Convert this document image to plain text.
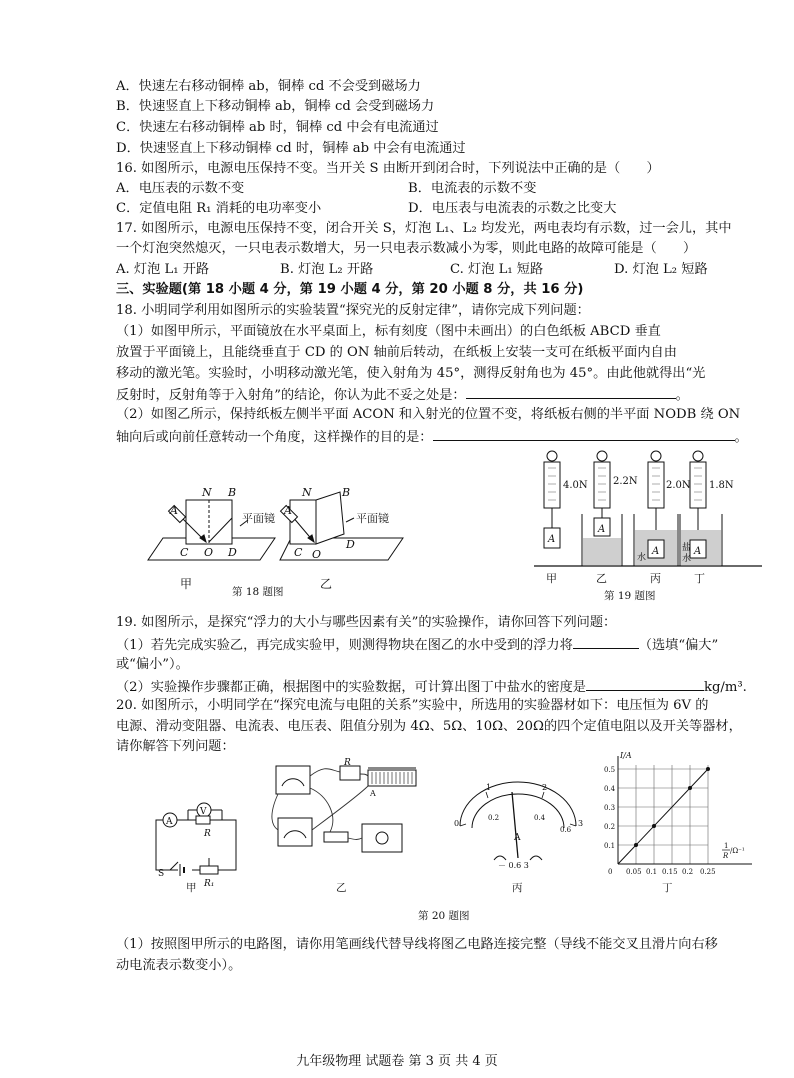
A．快速左右移动铜棒 ab，铜棒 cd 不会受到磁场力
B．快速竖直上下移动铜棒 ab，铜棒 cd 会受到磁场力
C．快速左右移动铜棒 ab 时，铜棒 cd 中会有电流通过
D．快速竖直上下移动铜棒 cd 时，铜棒 ab 中会有电流通过
16. 如图所示，电源电压保持不变。当开关 S 由断开到闭合时，下列说法中正确的是（　　）
A．电压表的示数不变	B．电流表的示数不变
C．定值电阻 R₁ 消耗的电功率变小	D．电压表与电流表的示数之比变大
17. 如图所示，电源电压保持不变，闭合开关 S，灯泡 L₁、L₂ 均发光，两电表均有示数，过一会儿，其中
一个灯泡突然熄灭，一只电表示数增大，另一只电表示数减小为零，则此电路的故障可能是（　　）
A. 灯泡 L₁ 开路	B. 灯泡 L₂ 开路	C. 灯泡 L₁ 短路	D. 灯泡 L₂ 短路
三、实验题(第 18 小题 4 分，第 19 小题 4 分，第 20 小题 8 分，共 16 分)
18. 小明同学利用如图所示的实验装置“探究光的反射定律”，请你完成下列问题：
（1）如图甲所示，平面镜放在水平桌面上，标有刻度（图中未画出）的白色纸板 ABCD 垂直
放置于平面镜上，且能绕垂直于 CD 的 ON 轴前后转动，在纸板上安装一支可在纸板平面内自由
移动的激光笔。实验时，小明移动激光笔，使入射角为 45°，测得反射角也为 45°。由此他就得出“光
反射时，反射角等于入射角”的结论，你认为此不妥之处是：	。
（2）如图乙所示，保持纸板左侧半平面 ACON 和入射光的位置不变，将纸板右侧的半平面 NODB 绕 ON
轴向后或向前任意转动一个角度，这样操作的目的是：	。
A
N B
C O D
平面镜
甲
A
N	B
C O
D
平面镜
乙
第 18 题图
4.0N	2.2N	2.0N 1.8N
A
A
A	A
水
盐
水
甲	乙	丙	丁
第 19 题图
19. 如图所示，是探究“浮力的大小与哪些因素有关”的实验操作，请你回答下列问题：
（1）若先完成实验乙，再完成实验甲，则测得物块在图乙的水中受到的浮力将	（选填“偏大”
或“偏小”）。
（2）实验操作步骤都正确，根据图中的实验数据，可计算出图丁中盐水的密度是	kg/m³.
20. 如图所示，小明同学在“探究电流与电阻的关系”实验中，所选用的实验器材如下：电压恒为 6V 的
电源、滑动变阻器、电流表、电压表、阻值分别为 4Ω、5Ω、10Ω、20Ω的四个定值电阻以及开关等器材，
请你解答下列问题：
A
V
R
S
R₁
甲
R
A
乙
0
1	2
3
0.2	0.4
0.6
A
－ 0.6 3
丙
I/A
0.1
0.2
0.3
0.4
0.5
0 0.05 0.1 0.15 0.2 0.25
1
R
/Ω⁻¹
丁
第 20 题图
（1）按照图甲所示的电路图，请你用笔画线代替导线将图乙电路连接完整（导线不能交叉且滑片向右移
动电流表示数变小）。
九年级物理 试题卷 第 3 页 共 4 页
